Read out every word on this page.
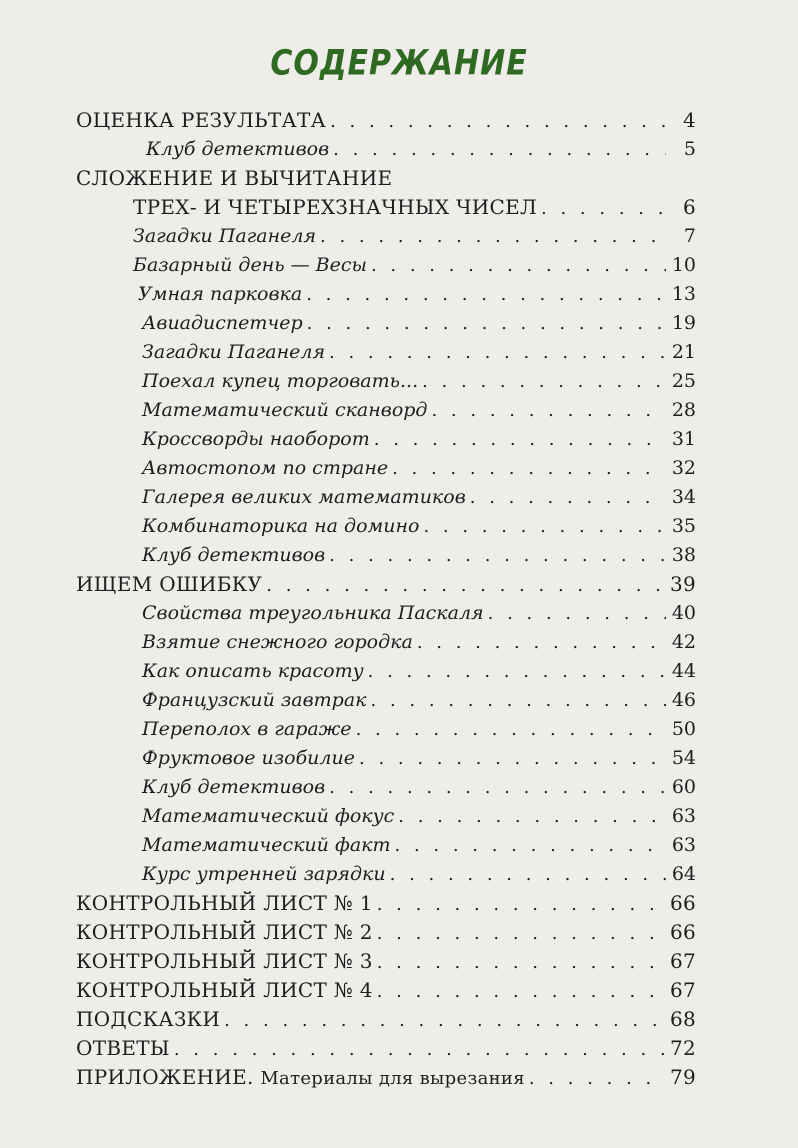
СОДЕРЖАНИЕ
ОЦЕНКА РЕЗУЛЬТАТА . . .	4
Клуб детективов . . .	5
СЛОЖЕНИЕ И ВЫЧИТАНИЕ
ТРЕХ- И ЧЕТЫРЕХЗНАЧНЫХ ЧИСЕЛ . . .	6
Загадки Паганеля . . .	7
Базарный день — Весы . . .	10
Умная парковка . . .	13
Авиадиспетчер . . .	19
Загадки Паганеля . . .	21
Поехал купец торговать... . . .	25
Математический сканворд . . .	28
Кроссворды наоборот . . .	31
Автостопом по стране . . .	32
Галерея великих математиков . . .	34
Комбинаторика на домино . . .	35
Клуб детективов . . .	38
ИЩЕМ ОШИБКУ . . .	39
Свойства треугольника Паскаля . . .	40
Взятие снежного городка . . .	42
Как описать красоту . . .	44
Французский завтрак . . .	46
Переполох в гараже . . .	50
Фруктовое изобилие . . .	54
Клуб детективов . . .	60
Математический фокус . . .	63
Математический факт . . .	63
Курс утренней зарядки . . .	64
КОНТРОЛЬНЫЙ ЛИСТ № 1 . . .	66
КОНТРОЛЬНЫЙ ЛИСТ № 2 . . .	66
КОНТРОЛЬНЫЙ ЛИСТ № 3 . . .	67
КОНТРОЛЬНЫЙ ЛИСТ № 4 . . .	67
ПОДСКАЗКИ . . .	68
ОТВЕТЫ . . .	72
ПРИЛОЖЕНИЕ. Материалы для вырезания . . .	79
